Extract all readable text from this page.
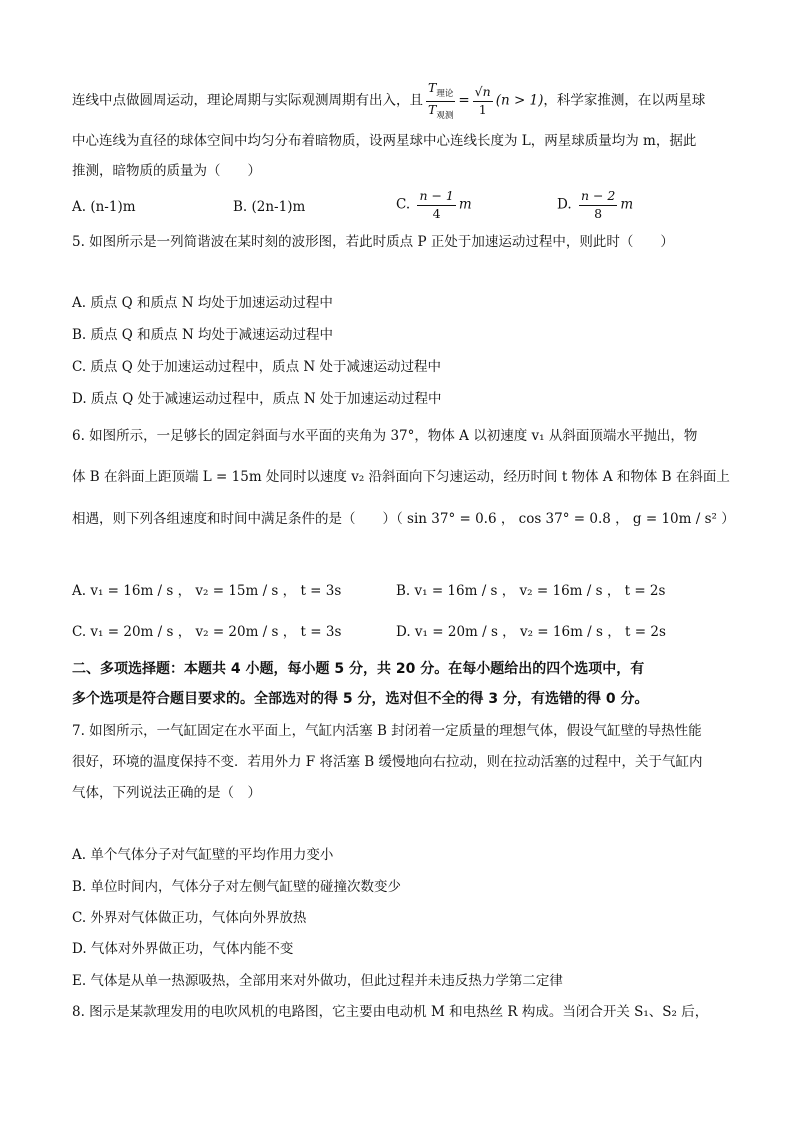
连线中点做圆周运动，理论周期与实际观测周期有出入，且 $\frac{T_{理论}}{T_{观测}} = \frac{√n}{1} (n > 1)$，科学家推测，在以两星球
中心连线为直径的球体空间中均匀分布着暗物质，设两星球中心连线长度为 L，两星球质量均为 m，据此
推测，暗物质的质量为（　　）
A. (n-1)m	B. (2n-1)m	C. $\frac{n - 1}{4}$ m	D. $\frac{n - 2}{8}$ m
5. 如图所示是一列简谐波在某时刻的波形图，若此时质点 P 正处于加速运动过程中，则此时（　　）
A. 质点 Q 和质点 N 均处于加速运动过程中
B. 质点 Q 和质点 N 均处于减速运动过程中
C. 质点 Q 处于加速运动过程中，质点 N 处于减速运动过程中
D. 质点 Q 处于减速运动过程中，质点 N 处于加速运动过程中
6. 如图所示，一足够长的固定斜面与水平面的夹角为 37°，物体 A 以初速度 v₁ 从斜面顶端水平抛出，物
体 B 在斜面上距顶端 L = 15m 处同时以速度 v₂ 沿斜面向下匀速运动，经历时间 t 物体 A 和物体 B 在斜面上
相遇，则下列各组速度和时间中满足条件的是（　　）（ sin 37° = 0.6 ， cos 37° = 0.8 ， g = 10m / s² ）
A. v₁ = 16m / s ， v₂ = 15m / s ， t = 3s	B. v₁ = 16m / s ， v₂ = 16m / s ， t = 2s
C. v₁ = 20m / s ， v₂ = 20m / s ， t = 3s	D. v₁ = 20m / s ， v₂ = 16m / s ， t = 2s
二、多项选择题：本题共 4 小题，每小题 5 分，共 20 分。在每小题给出的四个选项中，有
多个选项是符合题目要求的。全部选对的得 5 分，选对但不全的得 3 分，有选错的得 0 分。
7. 如图所示，一气缸固定在水平面上，气缸内活塞 B 封闭着一定质量的理想气体，假设气缸壁的导热性能
很好，环境的温度保持不变．若用外力 F 将活塞 B 缓慢地向右拉动，则在拉动活塞的过程中，关于气缸内
气体，下列说法正确的是（　）
A. 单个气体分子对气缸壁的平均作用力变小
B. 单位时间内，气体分子对左侧气缸壁的碰撞次数变少
C. 外界对气体做正功，气体向外界放热
D. 气体对外界做正功，气体内能不变
E. 气体是从单一热源吸热，全部用来对外做功，但此过程并未违反热力学第二定律
8. 图示是某款理发用的电吹风机的电路图，它主要由电动机 M 和电热丝 R 构成。当闭合开关 S₁、S₂ 后，
